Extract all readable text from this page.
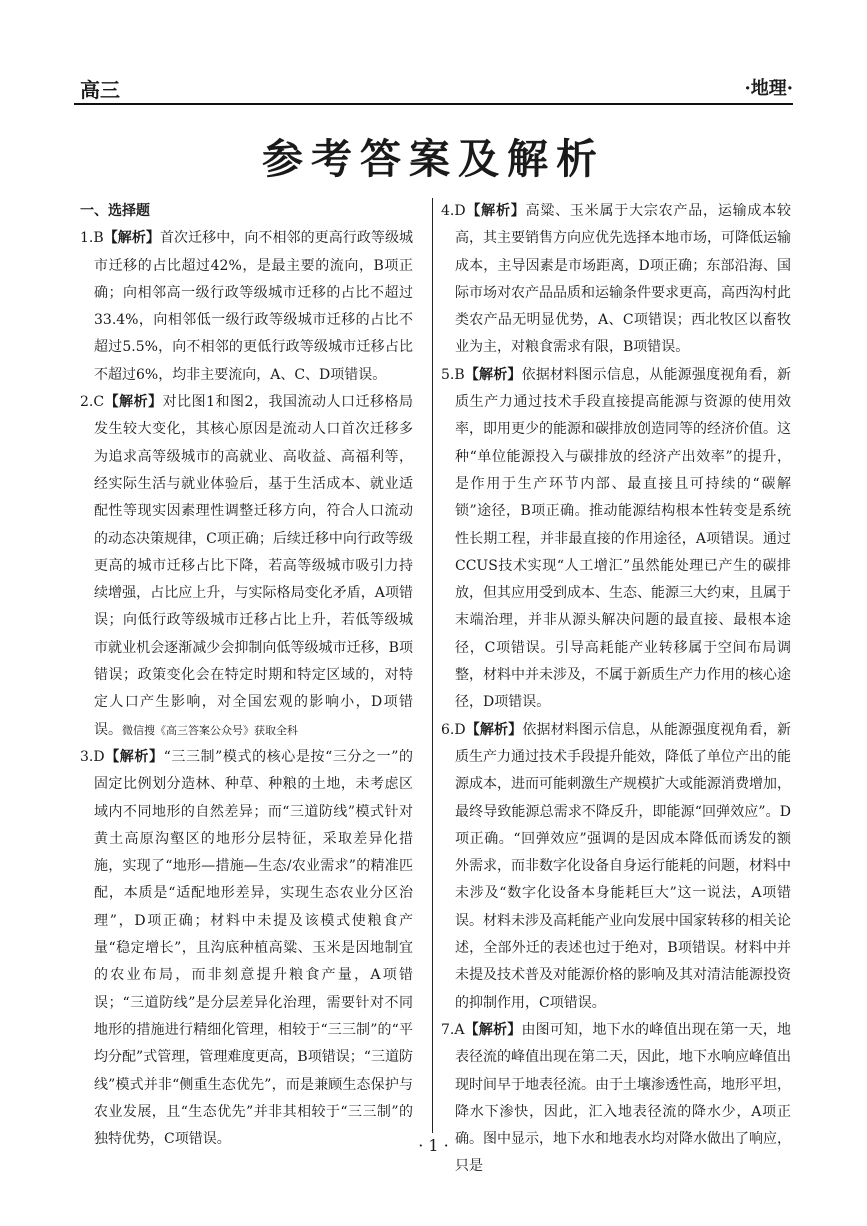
高三	·地理·
参考答案及解析
一、选择题

1.B【解析】首次迁移中，向不相邻的更高行政等级城市迁移的占比超过42%，是最主要的流向，B项正确；向相邻高一级行政等级城市迁移的占比不超过33.4%，向相邻低一级行政等级城市迁移的占比不超过5.5%，向不相邻的更低行政等级城市迁移占比不超过6%，均非主要流向，A、C、D项错误。

2.C【解析】对比图1和图2，我国流动人口迁移格局发生较大变化，其核心原因是流动人口首次迁移多为追求高等级城市的高就业、高收益、高福利等，经实际生活与就业体验后，基于生活成本、就业适配性等现实因素理性调整迁移方向，符合人口流动的动态决策规律，C项正确；后续迁移中向行政等级更高的城市迁移占比下降，若高等级城市吸引力持续增强，占比应上升，与实际格局变化矛盾，A项错误；向低行政等级城市迁移占比上升，若低等级城市就业机会逐渐减少会抑制向低等级城市迁移，B项错误；政策变化会在特定时期和特定区域的，对特定人口产生影响，对全国宏观的影响小，D项错误。微信搜《高三答案公众号》获取全科

3.D【解析】“三三制”模式的核心是按“三分之一”的固定比例划分造林、种草、种粮的土地，未考虑区域内不同地形的自然差异；而“三道防线”模式针对黄土高原沟壑区的地形分层特征，采取差异化措施，实现了“地形—措施—生态/农业需求”的精准匹配，本质是“适配地形差异，实现生态农业分区治理”，D项正确；材料中未提及该模式使粮食产量“稳定增长”，且沟底种植高粱、玉米是因地制宜的农业布局，而非刻意提升粮食产量，A项错误；“三道防线”是分层差异化治理，需要针对不同地形的措施进行精细化管理，相较于“三三制”的“平均分配”式管理，管理难度更高，B项错误；“三道防线”模式并非“侧重生态优先”，而是兼顾生态保护与农业发展，且“生态优先”并非其相较于“三三制”的独特优势，C项错误。

4.D【解析】高粱、玉米属于大宗农产品，运输成本较高，其主要销售方向应优先选择本地市场，可降低运输成本，主导因素是市场距离，D项正确；东部沿海、国际市场对农产品品质和运输条件要求更高，高西沟村此类农产品无明显优势，A、C项错误；西北牧区以畜牧业为主，对粮食需求有限，B项错误。

5.B【解析】依据材料图示信息，从能源强度视角看，新质生产力通过技术手段直接提高能源与资源的使用效率，即用更少的能源和碳排放创造同等的经济价值。这种“单位能源投入与碳排放的经济产出效率”的提升，是作用于生产环节内部、最直接且可持续的“碳解锁”途径，B项正确。推动能源结构根本性转变是系统性长期工程，并非最直接的作用途径，A项错误。通过CCUS技术实现“人工增汇”虽然能处理已产生的碳排放，但其应用受到成本、生态、能源三大约束，且属于末端治理，并非从源头解决问题的最直接、最根本途径，C项错误。引导高耗能产业转移属于空间布局调整，材料中并未涉及，不属于新质生产力作用的核心途径，D项错误。

6.D【解析】依据材料图示信息，从能源强度视角看，新质生产力通过技术手段提升能效，降低了单位产出的能源成本，进而可能刺激生产规模扩大或能源消费增加，最终导致能源总需求不降反升，即能源“回弹效应”。D项正确。“回弹效应”强调的是因成本降低而诱发的额外需求，而非数字化设备自身运行能耗的问题，材料中未涉及“数字化设备本身能耗巨大”这一说法，A项错误。材料未涉及高耗能产业向发展中国家转移的相关论述，全部外迁的表述也过于绝对，B项错误。材料中并未提及技术普及对能源价格的影响及其对清洁能源投资的抑制作用，C项错误。

7.A【解析】由图可知，地下水的峰值出现在第一天，地表径流的峰值出现在第二天，因此，地下水响应峰值出现时间早于地表径流。由于土壤渗透性高，地形平坦，降水下渗快，因此，汇入地表径流的降水少，A项正确。图中显示，地下水和地表水均对降水做出了响应，只是

· 1 ·
